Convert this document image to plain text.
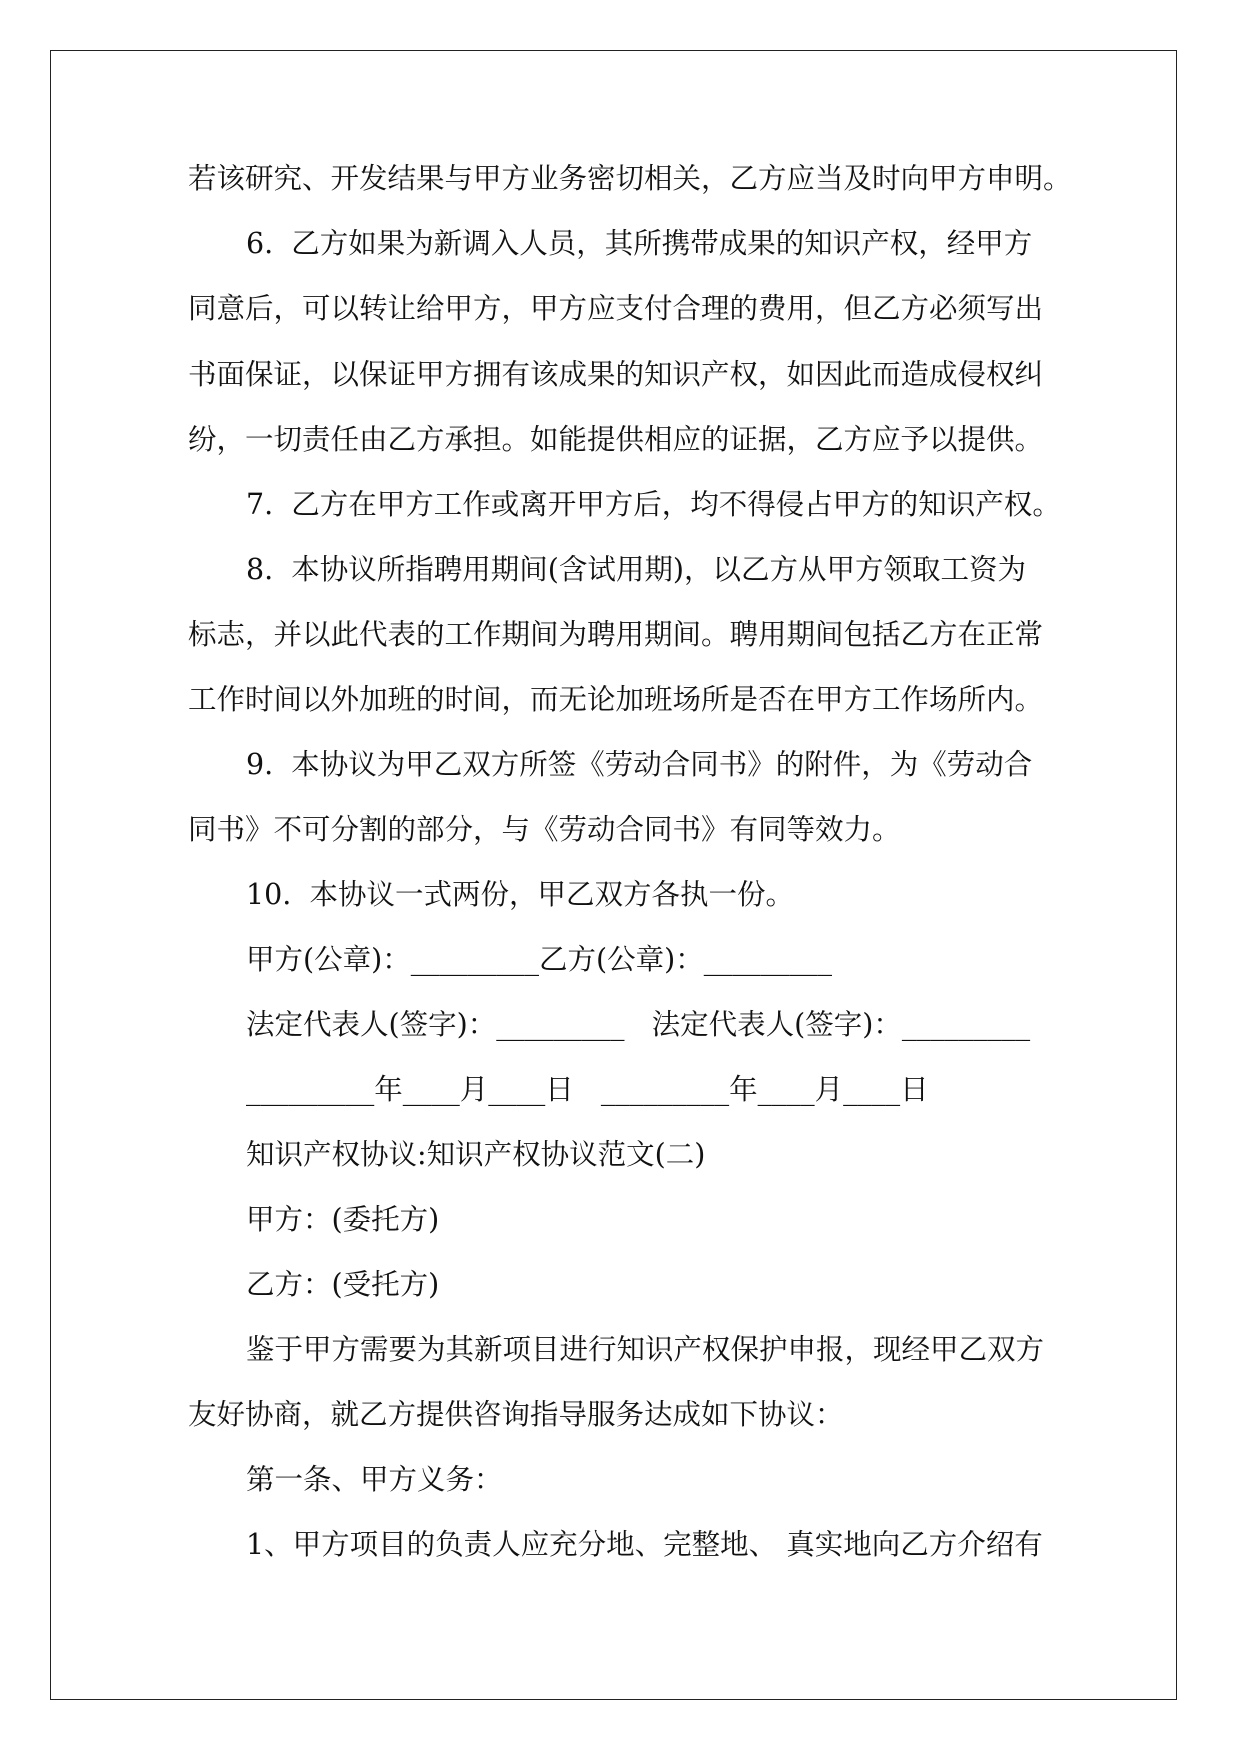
若该研究、开发结果与甲方业务密切相关，乙方应当及时向甲方申明。

6.  乙方如果为新调入人员，其所携带成果的知识产权，经甲方

同意后，可以转让给甲方，甲方应支付合理的费用，但乙方必须写出

书面保证，以保证甲方拥有该成果的知识产权，如因此而造成侵权纠

纷，一切责任由乙方承担。如能提供相应的证据，乙方应予以提供。

7.  乙方在甲方工作或离开甲方后，均不得侵占甲方的知识产权。

8.  本协议所指聘用期间(含试用期)，以乙方从甲方领取工资为

标志，并以此代表的工作期间为聘用期间。聘用期间包括乙方在正常

工作时间以外加班的时间，而无论加班场所是否在甲方工作场所内。

9.  本协议为甲乙双方所签《劳动合同书》的附件，为《劳动合

同书》不可分割的部分，与《劳动合同书》有同等效力。

10.  本协议一式两份，甲乙双方各执一份。

甲方(公章)：_________乙方(公章)：_________

法定代表人(签字)：_________   法定代表人(签字)：_________

_________年____月____日   _________年____月____日

知识产权协议:知识产权协议范文(二)

甲方：(委托方)

乙方：(受托方)

鉴于甲方需要为其新项目进行知识产权保护申报，现经甲乙双方

友好协商，就乙方提供咨询指导服务达成如下协议：

第一条、甲方义务：

1、甲方项目的负责人应充分地、完整地、 真实地向乙方介绍有
